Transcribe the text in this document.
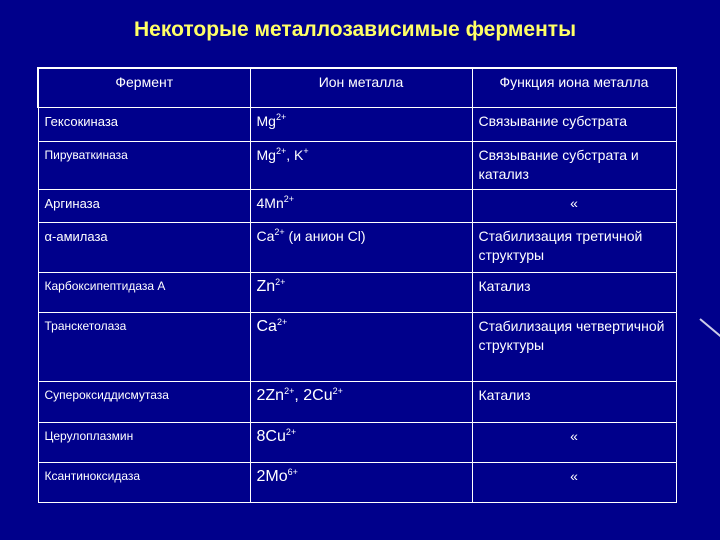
Некоторые металлозависимые ферменты
Фермент	Ион металла	Функция иона металла
Гексокиназа	$Mg^{2+}$	Связывание субстрата
Пируваткиназа	$Mg^{2+}$, K+	Связывание субстрата и катализ
Аргиназа	$4Mn^{2+}$	«
α-амилаза	$Ca^{2+}$ (и анион Cl)	Стабилизация третичной структуры
Карбоксипептидаза А	$Zn^{2+}$	Катализ
Транскетолаза	$Ca^{2+}$	Стабилизация четвертичной структуры
Супероксиддисмутаза	$2Zn^{2+}$, $2Cu^{2+}$	Катализ
Церулоплазмин	$8Cu^{2+}$	«
Ксантиноксидаза	$2Mo^{6+}$	«
